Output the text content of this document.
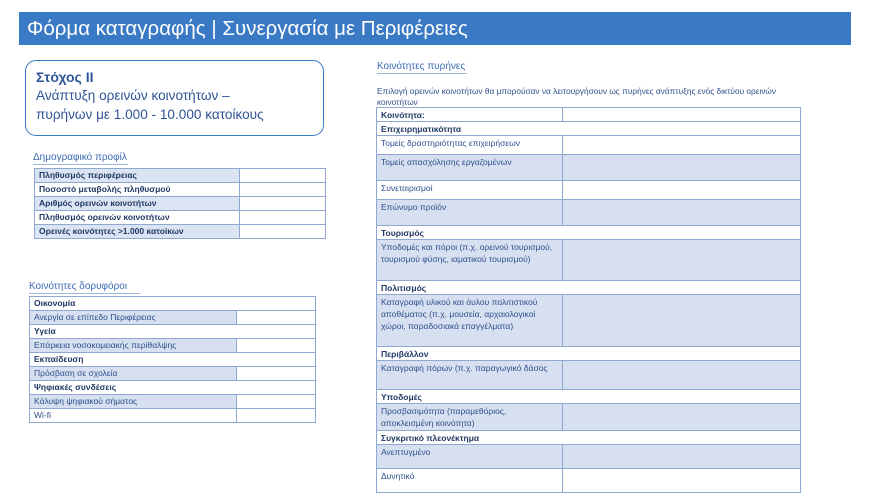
Φόρμα καταγραφής | Συνεργασία με Περιφέρειες
Στόχος ΙΙ
Ανάπτυξη ορεινών κοινοτήτων –
πυρήνων με 1.000 - 10.000 κατοίκους
Δημογραφικό προφίλ
Πληθυσμός περιφέρειας	
Ποσοστό μεταβολής πληθυσμού	
Αριθμός ορεινών κοινοτήτων	
Πληθυσμός ορεινών κοινοτήτων	
Ορεινές κοινότητες >1.000 κατοίκων	
Κοινότητες δορυφόροι
Οικονομία	
Ανεργία σε επίπεδο Περιφέρειας	
Υγεία	
Επάρκεια νοσοκομειακής περίθαλψης	
Εκπαίδευση	
Πρόσβαση σε σχολεία	
Ψηφιακές συνδέσεις	
Κάλυψη ψηφιακού σήματος	
Wi-fi	
Κοινότητες πυρήνες
Επιλογή ορεινών κοινοτήτων θα μπορούσαν να λειτουργήσουν ως πυρήνες ανάπτυξης ενός δικτύου ορεινών κοινοτήτων
Κοινότητα:	
Επιχειρηματικότητα	
Τομείς δραστηριότητας επιχειρήσεων	
Τομείς απασχόλησης εργαζομένων	
Συνεταιρισμοί	
Επώνυμο προϊόν	
Τουρισμός	
Υποδομές και πόροι (π.χ. ορεινού τουρισμού, τουρισμού φύσης, ιαματικού τουρισμού)	
Πολιτισμός	
Καταγραφή υλικού και άυλου πολιτιστικού αποθέματος (π.χ. μουσεία, αρχαιολογικοί χώροι, παραδοσιακά επαγγέλματα)	
Περιβάλλον	
Καταγραφή πόρων (π.χ. παραγωγικό δάσος	
Υποδομές	
Προσβασιμότητα (παραμεθόριος, αποκλεισμένη κοινότητα)	
Συγκριτικό πλεονέκτημα	
Ανεπτυγμένο	
Δυνητικό	
